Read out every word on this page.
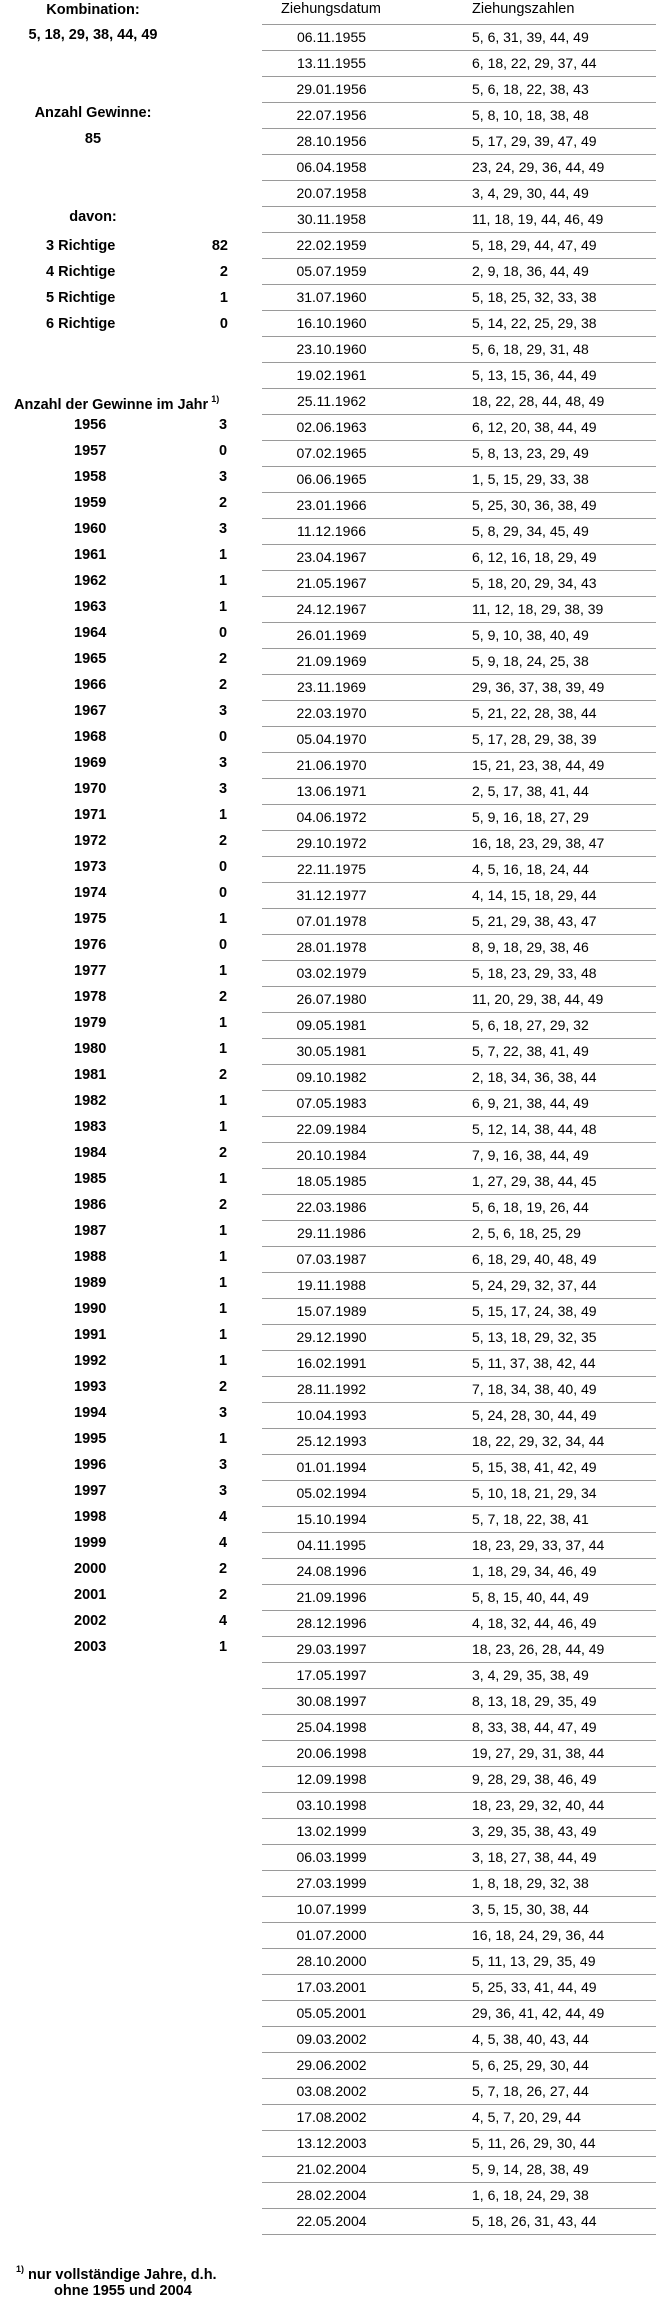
Kombination:
5, 18, 29, 38, 44, 49
Anzahl Gewinne:
85
davon:
3 Richtige	82
4 Richtige	2
5 Richtige	1
6 Richtige	0
Anzahl der Gewinne im Jahr $^{1)}$
1956	3
1957	0
1958	3
1959	2
1960	3
1961	1
1962	1
1963	1
1964	0
1965	2
1966	2
1967	3
1968	0
1969	3
1970	3
1971	1
1972	2
1973	0
1974	0
1975	1
1976	0
1977	1
1978	2
1979	1
1980	1
1981	2
1982	1
1983	1
1984	2
1985	1
1986	2
1987	1
1988	1
1989	1
1990	1
1991	1
1992	1
1993	2
1994	3
1995	1
1996	3
1997	3
1998	4
1999	4
2000	2
2001	2
2002	4
2003	1
Ziehungsdatum	Ziehungszahlen
06.11.1955	5, 6, 31, 39, 44, 49
13.11.1955	6, 18, 22, 29, 37, 44
29.01.1956	5, 6, 18, 22, 38, 43
22.07.1956	5, 8, 10, 18, 38, 48
28.10.1956	5, 17, 29, 39, 47, 49
06.04.1958	23, 24, 29, 36, 44, 49
20.07.1958	3, 4, 29, 30, 44, 49
30.11.1958	11, 18, 19, 44, 46, 49
22.02.1959	5, 18, 29, 44, 47, 49
05.07.1959	2, 9, 18, 36, 44, 49
31.07.1960	5, 18, 25, 32, 33, 38
16.10.1960	5, 14, 22, 25, 29, 38
23.10.1960	5, 6, 18, 29, 31, 48
19.02.1961	5, 13, 15, 36, 44, 49
25.11.1962	18, 22, 28, 44, 48, 49
02.06.1963	6, 12, 20, 38, 44, 49
07.02.1965	5, 8, 13, 23, 29, 49
06.06.1965	1, 5, 15, 29, 33, 38
23.01.1966	5, 25, 30, 36, 38, 49
11.12.1966	5, 8, 29, 34, 45, 49
23.04.1967	6, 12, 16, 18, 29, 49
21.05.1967	5, 18, 20, 29, 34, 43
24.12.1967	11, 12, 18, 29, 38, 39
26.01.1969	5, 9, 10, 38, 40, 49
21.09.1969	5, 9, 18, 24, 25, 38
23.11.1969	29, 36, 37, 38, 39, 49
22.03.1970	5, 21, 22, 28, 38, 44
05.04.1970	5, 17, 28, 29, 38, 39
21.06.1970	15, 21, 23, 38, 44, 49
13.06.1971	2, 5, 17, 38, 41, 44
04.06.1972	5, 9, 16, 18, 27, 29
29.10.1972	16, 18, 23, 29, 38, 47
22.11.1975	4, 5, 16, 18, 24, 44
31.12.1977	4, 14, 15, 18, 29, 44
07.01.1978	5, 21, 29, 38, 43, 47
28.01.1978	8, 9, 18, 29, 38, 46
03.02.1979	5, 18, 23, 29, 33, 48
26.07.1980	11, 20, 29, 38, 44, 49
09.05.1981	5, 6, 18, 27, 29, 32
30.05.1981	5, 7, 22, 38, 41, 49
09.10.1982	2, 18, 34, 36, 38, 44
07.05.1983	6, 9, 21, 38, 44, 49
22.09.1984	5, 12, 14, 38, 44, 48
20.10.1984	7, 9, 16, 38, 44, 49
18.05.1985	1, 27, 29, 38, 44, 45
22.03.1986	5, 6, 18, 19, 26, 44
29.11.1986	2, 5, 6, 18, 25, 29
07.03.1987	6, 18, 29, 40, 48, 49
19.11.1988	5, 24, 29, 32, 37, 44
15.07.1989	5, 15, 17, 24, 38, 49
29.12.1990	5, 13, 18, 29, 32, 35
16.02.1991	5, 11, 37, 38, 42, 44
28.11.1992	7, 18, 34, 38, 40, 49
10.04.1993	5, 24, 28, 30, 44, 49
25.12.1993	18, 22, 29, 32, 34, 44
01.01.1994	5, 15, 38, 41, 42, 49
05.02.1994	5, 10, 18, 21, 29, 34
15.10.1994	5, 7, 18, 22, 38, 41
04.11.1995	18, 23, 29, 33, 37, 44
24.08.1996	1, 18, 29, 34, 46, 49
21.09.1996	5, 8, 15, 40, 44, 49
28.12.1996	4, 18, 32, 44, 46, 49
29.03.1997	18, 23, 26, 28, 44, 49
17.05.1997	3, 4, 29, 35, 38, 49
30.08.1997	8, 13, 18, 29, 35, 49
25.04.1998	8, 33, 38, 44, 47, 49
20.06.1998	19, 27, 29, 31, 38, 44
12.09.1998	9, 28, 29, 38, 46, 49
03.10.1998	18, 23, 29, 32, 40, 44
13.02.1999	3, 29, 35, 38, 43, 49
06.03.1999	3, 18, 27, 38, 44, 49
27.03.1999	1, 8, 18, 29, 32, 38
10.07.1999	3, 5, 15, 30, 38, 44
01.07.2000	16, 18, 24, 29, 36, 44
28.10.2000	5, 11, 13, 29, 35, 49
17.03.2001	5, 25, 33, 41, 44, 49
05.05.2001	29, 36, 41, 42, 44, 49
09.03.2002	4, 5, 38, 40, 43, 44
29.06.2002	5, 6, 25, 29, 30, 44
03.08.2002	5, 7, 18, 26, 27, 44
17.08.2002	4, 5, 7, 20, 29, 44
13.12.2003	5, 11, 26, 29, 30, 44
21.02.2004	5, 9, 14, 28, 38, 49
28.02.2004	1, 6, 18, 24, 29, 38
22.05.2004	5, 18, 26, 31, 43, 44
$^{1)}$ nur vollständige Jahre, d.h.
ohne 1955 und 2004
